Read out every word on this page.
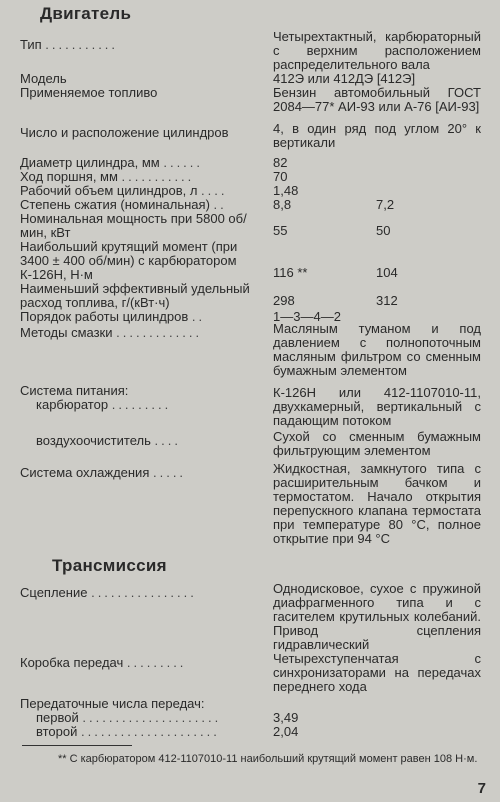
Двигатель
Тип ...........
Четырехтактный, карбюраторный с верхним расположением распределительного вала
Модель	412Э или 412ДЭ [412Э]
Применяемое топливо	Бензин автомобильный ГОСТ 2084—77* АИ-93 или А-76 [АИ-93]
Число и расположение цилиндров	4, в один ряд под углом 20° к вертикали
Диаметр цилиндра, мм ......	82
Ход поршня, мм ...........	70
Рабочий объем цилиндров, л ....	1,48
Степень сжатия (номинальная) ..	8,8	7,2
Номинальная мощность при 5800 об/мин, кВт	55	50
Наибольший крутящий момент (при 3400 ± 400 об/мин) с карбюратором К-126Н, Н·м	116 **	104
Наименьший эффективный удельный расход топлива, г/(кВт·ч)	298	312
Порядок работы цилиндров ..	1—3—4—2
Методы смазки .............	Масляным туманом и под давлением с полнопоточным масляным фильтром со сменным бумажным элементом
Система питания:
карбюратор .........
К-126Н или 412-1107010-11, двухкамерный, вертикальный с падающим потоком
воздухоочиститель ....	Сухой со сменным бумажным фильтрующим элементом
Система охлаждения .....	Жидкостная, замкнутого типа с расширительным бачком и термостатом. Начало открытия перепускного клапана термостата при температуре 80 °С, полное открытие при 94 °С
Трансмиссия
Сцепление ................	Однодисковое, сухое с пружиной диафрагменного типа и с гасителем крутильных колебаний. Привод сцепления гидравлический
Коробка передач .........	Четырехступенчатая с синхронизаторами на передачах переднего хода
Передаточные числа передач:
первой .....................	3,49
второй .....................	2,04
** С карбюратором 412-1107010-11 наибольший крутящий момент равен 108 Н·м.
7
